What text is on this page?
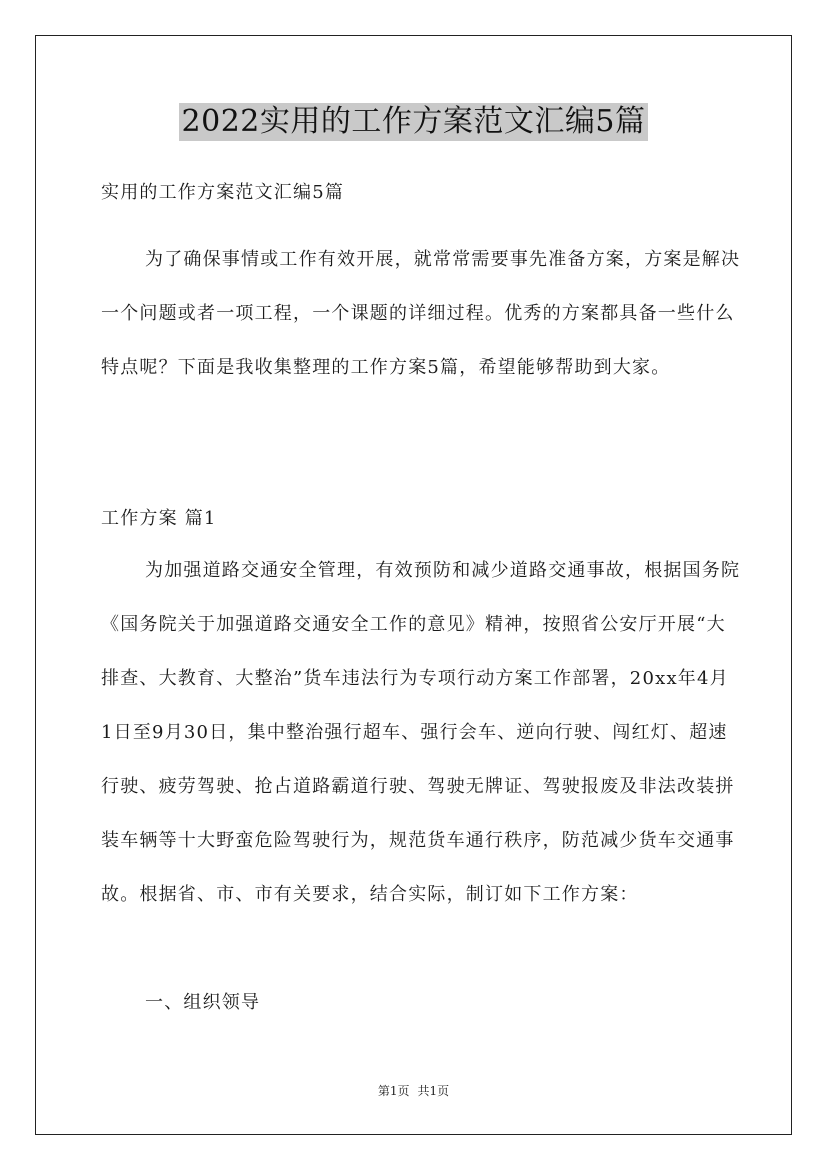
2022实用的工作方案范文汇编5篇

实用的工作方案范文汇编5篇

为了确保事情或工作有效开展，就常常需要事先准备方案，方案是解决一个问题或者一项工程，一个课题的详细过程。优秀的方案都具备一些什么特点呢？下面是我收集整理的工作方案5篇，希望能够帮助到大家。

工作方案 篇1

为加强道路交通安全管理，有效预防和减少道路交通事故，根据国务院《国务院关于加强道路交通安全工作的意见》精神，按照省公安厅开展“大排查、大教育、大整治”货车违法行为专项行动方案工作部署，20xx年4月1日至9月30日，集中整治强行超车、强行会车、逆向行驶、闯红灯、超速行驶、疲劳驾驶、抢占道路霸道行驶、驾驶无牌证、驾驶报废及非法改装拼装车辆等十大野蛮危险驾驶行为，规范货车通行秩序，防范减少货车交通事故。根据省、市、市有关要求，结合实际，制订如下工作方案：

一、组织领导

第1页 共1页
